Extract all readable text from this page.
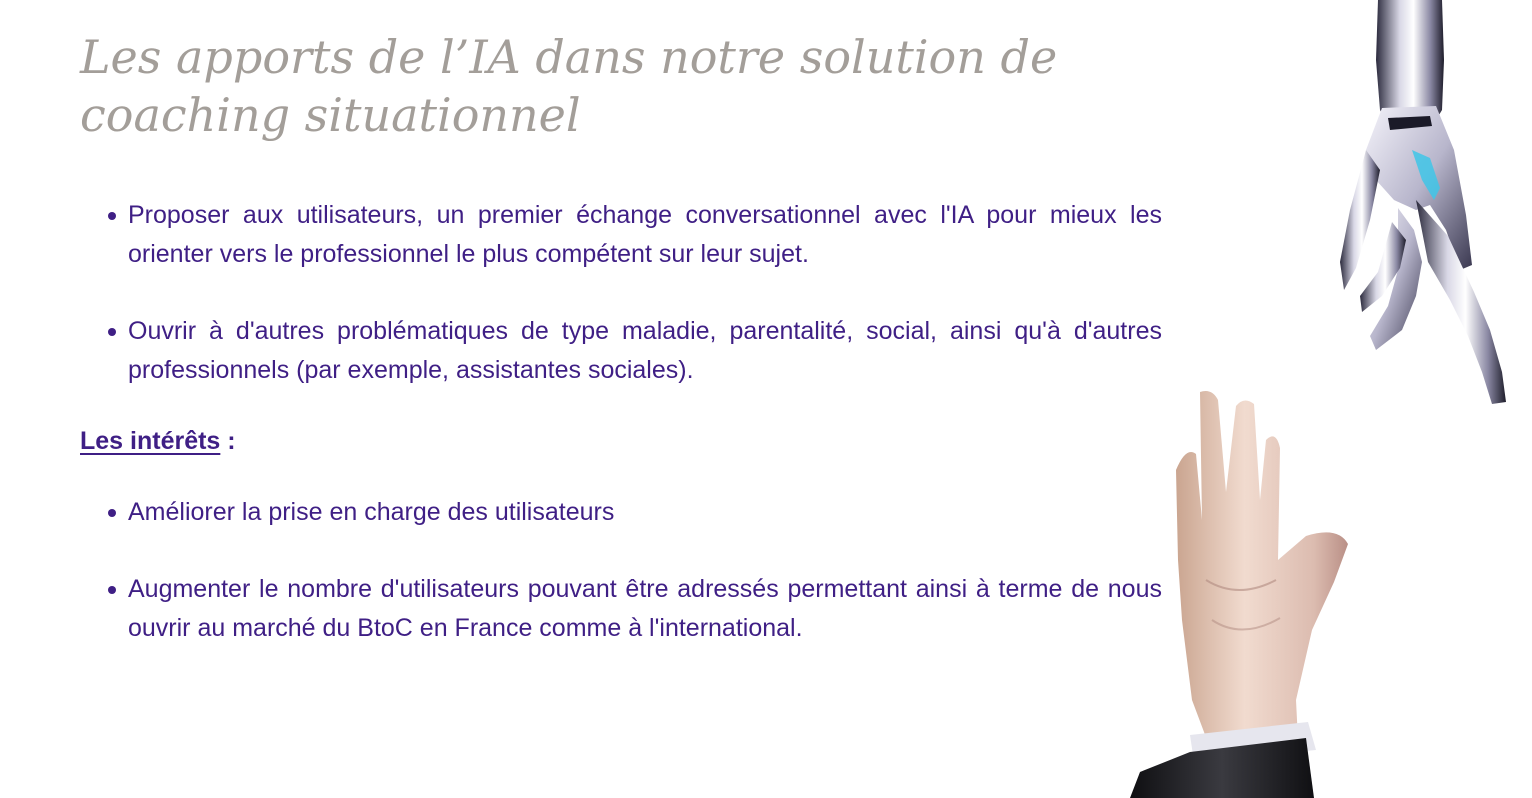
Les apports de l’IA dans notre solution de coaching situationnel
Proposer aux utilisateurs, un premier échange conversationnel avec l'IA pour mieux les orienter vers le professionnel le plus compétent sur leur sujet.
Ouvrir à d'autres problématiques de type maladie, parentalité, social, ainsi qu'à d'autres professionnels (par exemple, assistantes sociales).
Les intérêts :
Améliorer la prise en charge des utilisateurs
Augmenter le nombre d'utilisateurs pouvant être adressés permettant ainsi à terme de nous ouvrir au marché du BtoC en France comme à l'international.
